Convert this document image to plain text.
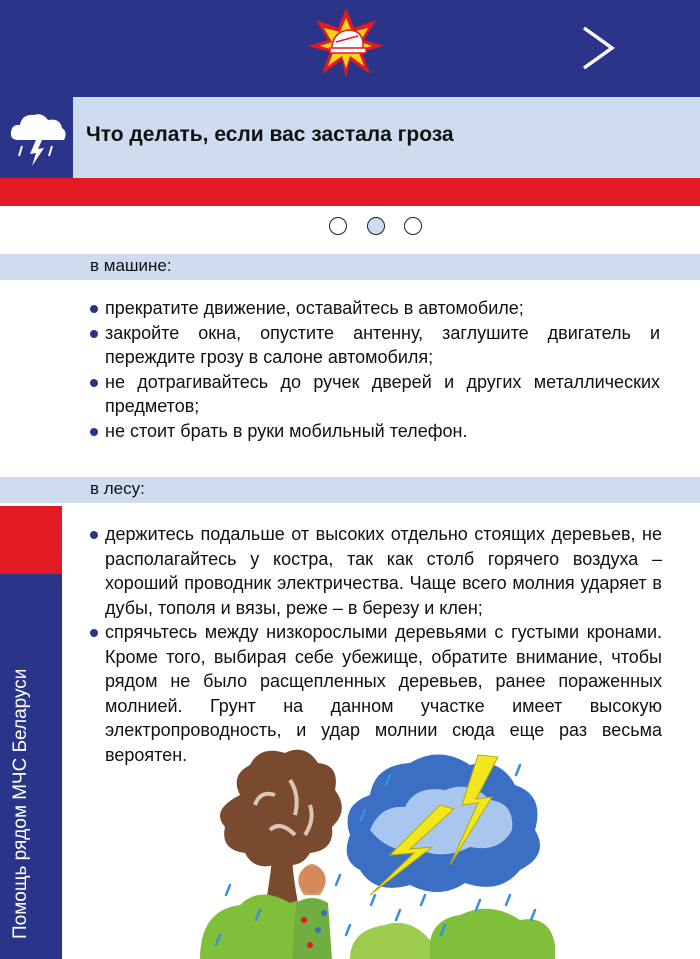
Что делать, если вас застала гроза
в машине:
прекратите движение, оставайтесь в автомобиле;
закройте окна, опустите антенну, заглушите двигатель и переждите грозу в салоне автомобиля;
не дотрагивайтесь до ручек дверей и других металлических предметов;
не стоит брать в руки мобильный телефон.
в лесу:
Помощь рядом МЧС Беларуси
держитесь подальше от высоких отдельно стоящих деревьев, не располагайтесь у костра, так как столб горячего воздуха – хороший проводник электричества. Чаще всего молния ударяет в дубы, тополя и вязы, реже – в березу и клен;
спрячьтесь между низкорослыми деревьями с густыми кронами. Кроме того, выбирая себе убежище, обратите внимание, чтобы рядом не было расщепленных деревьев, ранее пораженных молнией. Грунт на данном участке имеет высокую электропроводность, и удар молнии сюда еще раз весьма вероятен.
